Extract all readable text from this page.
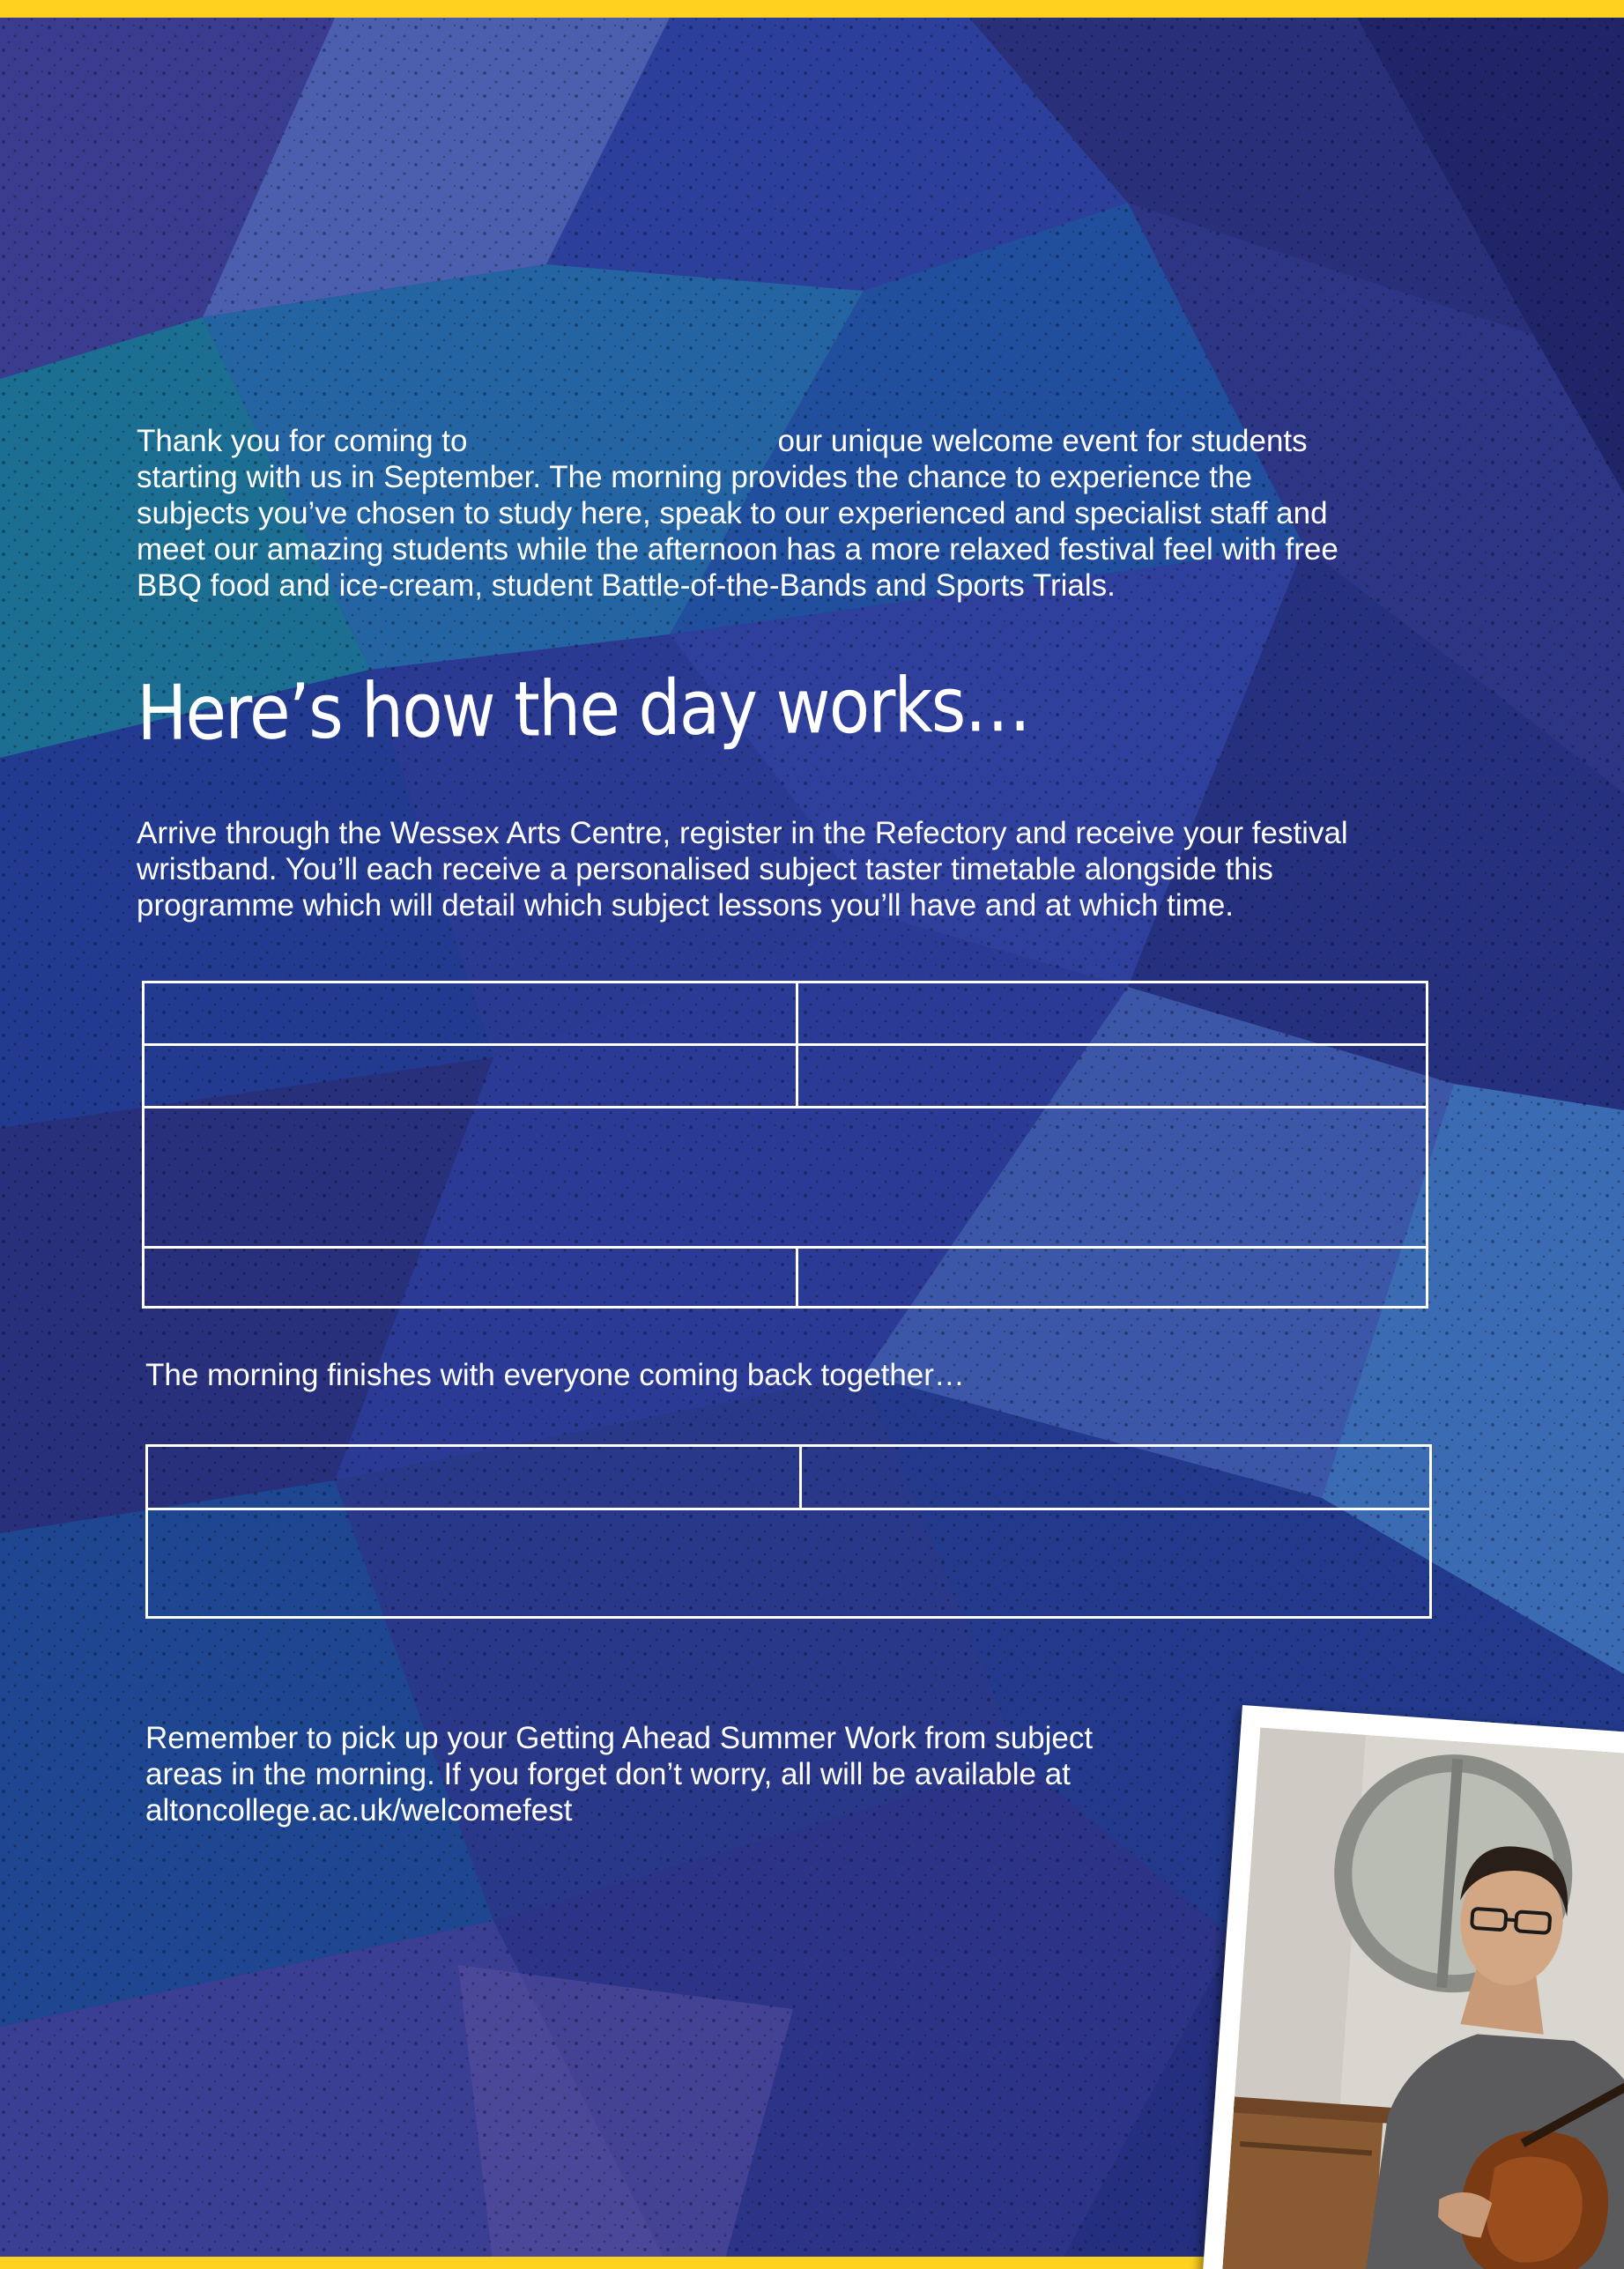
Thank you for coming to	our unique welcome event for students
starting with us in September. The morning provides the chance to experience the
subjects you’ve chosen to study here, speak to our experienced and specialist staff and
meet our amazing students while the afternoon has a more relaxed festival feel with free
BBQ food and ice-cream, student Battle-of-the-Bands and Sports Trials.

Here’s how the day works…

Arrive through the Wessex Arts Centre, register in the Refectory and receive your festival
wristband. You’ll each receive a personalised subject taster timetable alongside this
programme which will detail which subject lessons you’ll have and at which time.

The morning finishes with everyone coming back together…

Remember to pick up your Getting Ahead Summer Work from subject
areas in the morning. If you forget don’t worry, all will be available at
altoncollege.ac.uk/welcomefest
